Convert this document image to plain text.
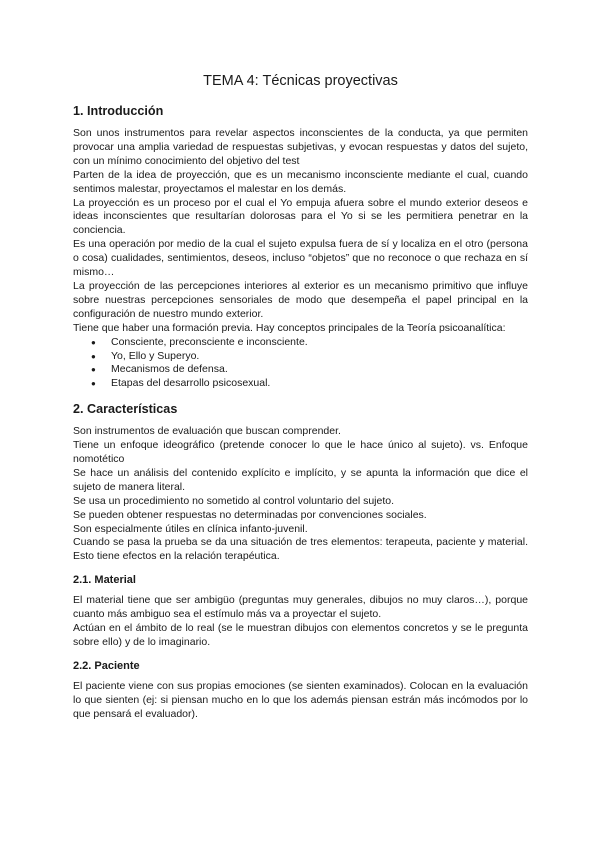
TEMA 4: Técnicas proyectivas
1. Introducción

Son unos instrumentos para revelar aspectos inconscientes de la conducta, ya que permiten provocar una amplia variedad de respuestas subjetivas, y evocan respuestas y datos del sujeto, con un mínimo conocimiento del objetivo del test

Parten de la idea de proyección, que es un mecanismo inconsciente mediante el cual, cuando sentimos malestar, proyectamos el malestar en los demás.

La proyección es un proceso por el cual el Yo empuja afuera sobre el mundo exterior deseos e ideas inconscientes que resultarían dolorosas para el Yo si se les permitiera penetrar en la conciencia.

Es una operación por medio de la cual el sujeto expulsa fuera de sí y localiza en el otro (persona o cosa) cualidades, sentimientos, deseos, incluso “objetos” que no reconoce o que rechaza en sí mismo…

La proyección de las percepciones interiores al exterior es un mecanismo primitivo que influye sobre nuestras percepciones sensoriales de modo que desempeña el papel principal en la configuración de nuestro mundo exterior.

Tiene que haber una formación previa. Hay conceptos principales de la Teoría psicoanalítica:

● Consciente, preconsciente e inconsciente.
● Yo, Ello y Superyo.
● Mecanismos de defensa.
● Etapas del desarrollo psicosexual.
2. Características

Son instrumentos de evaluación que buscan comprender.

Tiene un enfoque ideográfico (pretende conocer lo que le hace único al sujeto). vs. Enfoque nomotético

Se hace un análisis del contenido explícito e implícito, y se apunta la información que dice el sujeto de manera literal.

Se usa un procedimiento no sometido al control voluntario del sujeto.

Se pueden obtener respuestas no determinadas por convenciones sociales.

Son especialmente útiles en clínica infanto-juvenil.

Cuando se pasa la prueba se da una situación de tres elementos: terapeuta, paciente y material. Esto tiene efectos en la relación terapéutica.

2.1. Material

El material tiene que ser ambigüo (preguntas muy generales, dibujos no muy claros…), porque cuanto más ambiguo sea el estímulo más va a proyectar el sujeto.

Actúan en el ámbito de lo real (se le muestran dibujos con elementos concretos y se le pregunta sobre ello) y de lo imaginario.

2.2. Paciente

El paciente viene con sus propias emociones (se sienten examinados). Colocan en la evaluación lo que sienten (ej: si piensan mucho en lo que los además piensan estrán más incómodos por lo que pensará el evaluador).
